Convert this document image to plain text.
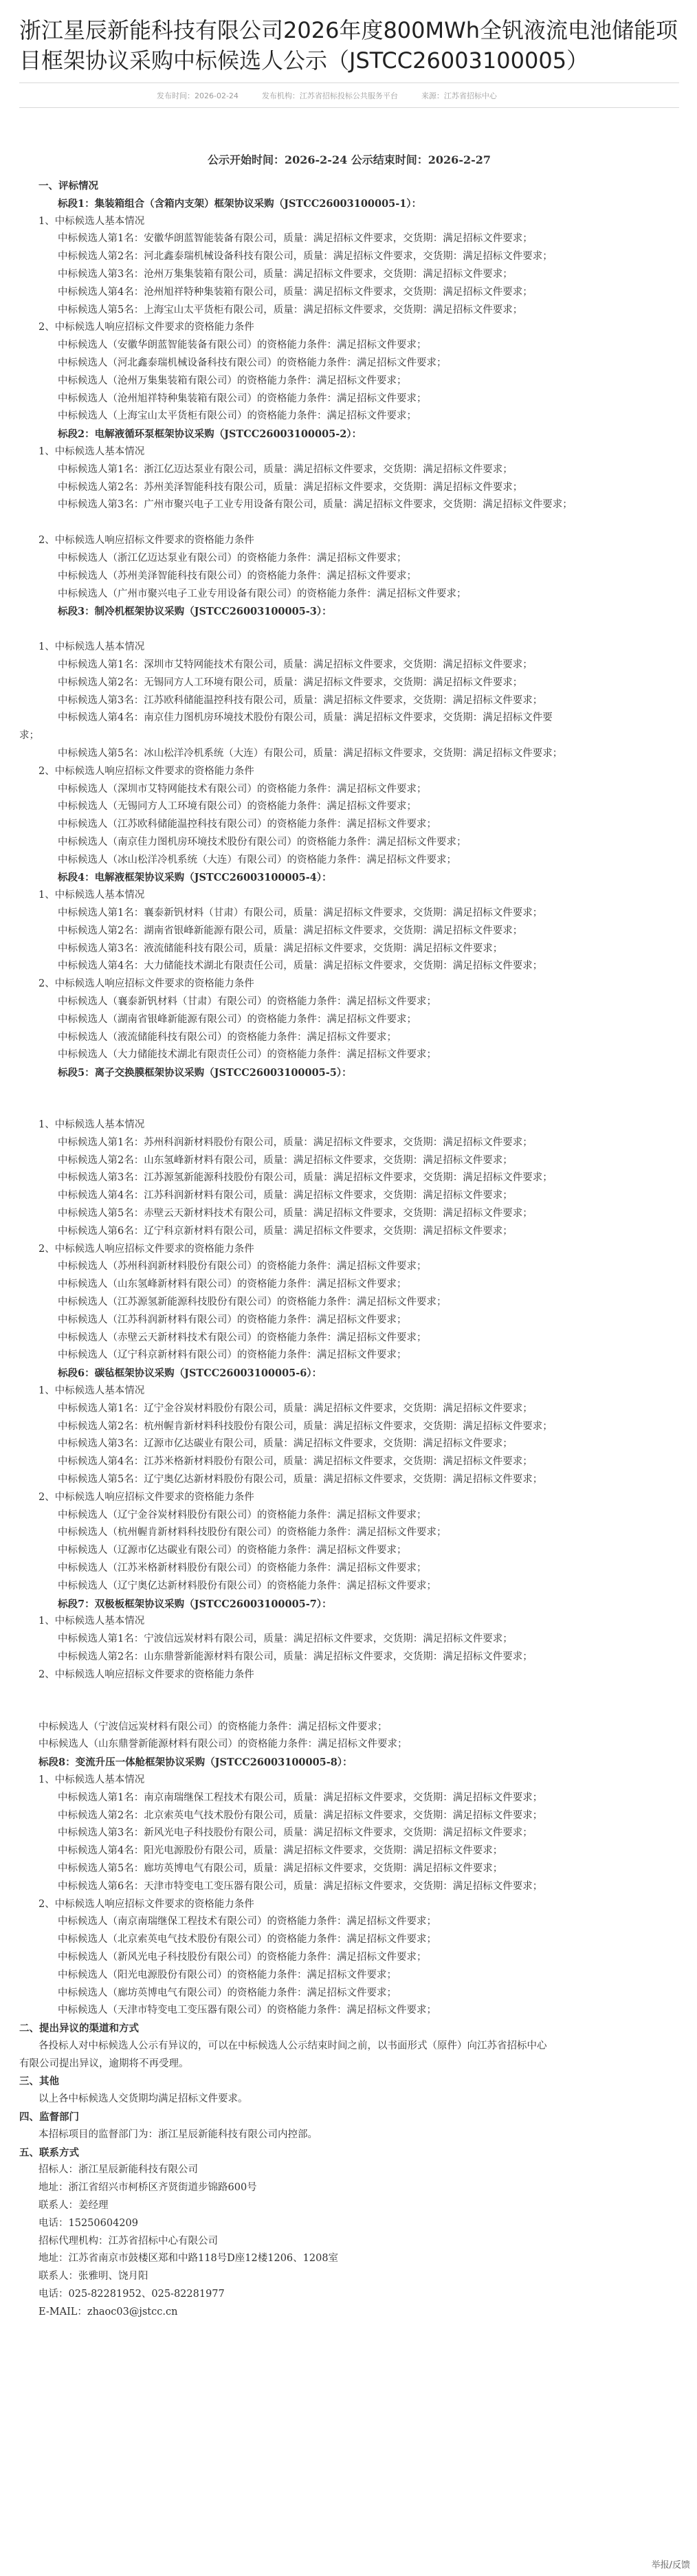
浙江星辰新能科技有限公司2026年度800MWh全钒液流电池储能项目框架协议采购中标候选人公示（JSTCC26003100005）
发布时间：2026-02-24	发布机构：江苏省招标投标公共服务平台	来源：江苏省招标中心

公示开始时间：2026-2-24 公示结束时间：2026-2-27

一、评标情况

标段1：集装箱组合（含箱内支架）框架协议采购（JSTCC26003100005-1）：

1、中标候选人基本情况

中标候选人第1名：安徽华朗蓝智能装备有限公司，质量：满足招标文件要求，交货期：满足招标文件要求；

中标候选人第2名：河北鑫泰瑞机械设备科技有限公司，质量：满足招标文件要求，交货期：满足招标文件要求；

中标候选人第3名：沧州万集集装箱有限公司，质量：满足招标文件要求，交货期：满足招标文件要求；

中标候选人第4名：沧州旭祥特种集装箱有限公司，质量：满足招标文件要求，交货期：满足招标文件要求；

中标候选人第5名：上海宝山太平货柜有限公司，质量：满足招标文件要求，交货期：满足招标文件要求；

2、中标候选人响应招标文件要求的资格能力条件

中标候选人（安徽华朗蓝智能装备有限公司）的资格能力条件：满足招标文件要求；

中标候选人（河北鑫泰瑞机械设备科技有限公司）的资格能力条件：满足招标文件要求；

中标候选人（沧州万集集装箱有限公司）的资格能力条件：满足招标文件要求；

中标候选人（沧州旭祥特种集装箱有限公司）的资格能力条件：满足招标文件要求；

中标候选人（上海宝山太平货柜有限公司）的资格能力条件：满足招标文件要求；

标段2：电解液循环泵框架协议采购（JSTCC26003100005-2）：

1、中标候选人基本情况

中标候选人第1名：浙江亿迈达泵业有限公司，质量：满足招标文件要求，交货期：满足招标文件要求；

中标候选人第2名：苏州美泽智能科技有限公司，质量：满足招标文件要求，交货期：满足招标文件要求；

中标候选人第3名：广州市聚兴电子工业专用设备有限公司，质量：满足招标文件要求，交货期：满足招标文件要求；

2、中标候选人响应招标文件要求的资格能力条件

中标候选人（浙江亿迈达泵业有限公司）的资格能力条件：满足招标文件要求；

中标候选人（苏州美泽智能科技有限公司）的资格能力条件：满足招标文件要求；

中标候选人（广州市聚兴电子工业专用设备有限公司）的资格能力条件：满足招标文件要求；

标段3：制冷机框架协议采购（JSTCC26003100005-3）：

1、中标候选人基本情况

中标候选人第1名：深圳市艾特网能技术有限公司，质量：满足招标文件要求，交货期：满足招标文件要求；

中标候选人第2名：无锡同方人工环境有限公司，质量：满足招标文件要求，交货期：满足招标文件要求；

中标候选人第3名：江苏欧科储能温控科技有限公司，质量：满足招标文件要求，交货期：满足招标文件要求；

中标候选人第4名：南京佳力图机房环境技术股份有限公司，质量：满足招标文件要求，交货期：满足招标文件要

求；

中标候选人第5名：冰山松洋冷机系统（大连）有限公司，质量：满足招标文件要求，交货期：满足招标文件要求；

2、中标候选人响应招标文件要求的资格能力条件

中标候选人（深圳市艾特网能技术有限公司）的资格能力条件：满足招标文件要求；

中标候选人（无锡同方人工环境有限公司）的资格能力条件：满足招标文件要求；

中标候选人（江苏欧科储能温控科技有限公司）的资格能力条件：满足招标文件要求；

中标候选人（南京佳力图机房环境技术股份有限公司）的资格能力条件：满足招标文件要求；

中标候选人（冰山松洋冷机系统（大连）有限公司）的资格能力条件：满足招标文件要求；

标段4：电解液框架协议采购（JSTCC26003100005-4）：

1、中标候选人基本情况

中标候选人第1名：襄泰新钒材料（甘肃）有限公司，质量：满足招标文件要求，交货期：满足招标文件要求；

中标候选人第2名：湖南省银峰新能源有限公司，质量：满足招标文件要求，交货期：满足招标文件要求；

中标候选人第3名：液流储能科技有限公司，质量：满足招标文件要求，交货期：满足招标文件要求；

中标候选人第4名：大力储能技术湖北有限责任公司，质量：满足招标文件要求，交货期：满足招标文件要求；

2、中标候选人响应招标文件要求的资格能力条件

中标候选人（襄泰新钒材料（甘肃）有限公司）的资格能力条件：满足招标文件要求；

中标候选人（湖南省银峰新能源有限公司）的资格能力条件：满足招标文件要求；

中标候选人（液流储能科技有限公司）的资格能力条件：满足招标文件要求；

中标候选人（大力储能技术湖北有限责任公司）的资格能力条件：满足招标文件要求；

标段5：离子交换膜框架协议采购（JSTCC26003100005-5）：

1、中标候选人基本情况

中标候选人第1名：苏州科润新材料股份有限公司，质量：满足招标文件要求，交货期：满足招标文件要求；

中标候选人第2名：山东氢峰新材料有限公司，质量：满足招标文件要求，交货期：满足招标文件要求；

中标候选人第3名：江苏源氢新能源科技股份有限公司，质量：满足招标文件要求，交货期：满足招标文件要求；

中标候选人第4名：江苏科润新材料有限公司，质量：满足招标文件要求，交货期：满足招标文件要求；

中标候选人第5名：赤壁云天新材料技术有限公司，质量：满足招标文件要求，交货期：满足招标文件要求；

中标候选人第6名：辽宁科京新材料有限公司，质量：满足招标文件要求，交货期：满足招标文件要求；

2、中标候选人响应招标文件要求的资格能力条件

中标候选人（苏州科润新材料股份有限公司）的资格能力条件：满足招标文件要求；

中标候选人（山东氢峰新材料有限公司）的资格能力条件：满足招标文件要求；

中标候选人（江苏源氢新能源科技股份有限公司）的资格能力条件：满足招标文件要求；

中标候选人（江苏科润新材料有限公司）的资格能力条件：满足招标文件要求；

中标候选人（赤壁云天新材料技术有限公司）的资格能力条件：满足招标文件要求；

中标候选人（辽宁科京新材料有限公司）的资格能力条件：满足招标文件要求；

标段6：碳毡框架协议采购（JSTCC26003100005-6）：

1、中标候选人基本情况

中标候选人第1名：辽宁金谷炭材料股份有限公司，质量：满足招标文件要求，交货期：满足招标文件要求；

中标候选人第2名：杭州幄肯新材料科技股份有限公司，质量：满足招标文件要求，交货期：满足招标文件要求；

中标候选人第3名：辽源市亿达碳业有限公司，质量：满足招标文件要求，交货期：满足招标文件要求；

中标候选人第4名：江苏米格新材料股份有限公司，质量：满足招标文件要求，交货期：满足招标文件要求；

中标候选人第5名：辽宁奥亿达新材料股份有限公司，质量：满足招标文件要求，交货期：满足招标文件要求；

2、中标候选人响应招标文件要求的资格能力条件

中标候选人（辽宁金谷炭材料股份有限公司）的资格能力条件：满足招标文件要求；

中标候选人（杭州幄肯新材料科技股份有限公司）的资格能力条件：满足招标文件要求；

中标候选人（辽源市亿达碳业有限公司）的资格能力条件：满足招标文件要求；

中标候选人（江苏米格新材料股份有限公司）的资格能力条件：满足招标文件要求；

中标候选人（辽宁奥亿达新材料股份有限公司）的资格能力条件：满足招标文件要求；

标段7：双极板框架协议采购（JSTCC26003100005-7）：

1、中标候选人基本情况

中标候选人第1名：宁波信远炭材料有限公司，质量：满足招标文件要求，交货期：满足招标文件要求；

中标候选人第2名：山东鼎誉新能源材料有限公司，质量：满足招标文件要求，交货期：满足招标文件要求；

2、中标候选人响应招标文件要求的资格能力条件

中标候选人（宁波信远炭材料有限公司）的资格能力条件：满足招标文件要求；

中标候选人（山东鼎誉新能源材料有限公司）的资格能力条件：满足招标文件要求；

标段8：变流升压一体舱框架协议采购（JSTCC26003100005-8）：

1、中标候选人基本情况

中标候选人第1名：南京南瑞继保工程技术有限公司，质量：满足招标文件要求，交货期：满足招标文件要求；

中标候选人第2名：北京索英电气技术股份有限公司，质量：满足招标文件要求，交货期：满足招标文件要求；

中标候选人第3名：新风光电子科技股份有限公司，质量：满足招标文件要求，交货期：满足招标文件要求；

中标候选人第4名：阳光电源股份有限公司，质量：满足招标文件要求，交货期：满足招标文件要求；

中标候选人第5名：廊坊英博电气有限公司，质量：满足招标文件要求，交货期：满足招标文件要求；

中标候选人第6名：天津市特变电工变压器有限公司，质量：满足招标文件要求，交货期：满足招标文件要求；

2、中标候选人响应招标文件要求的资格能力条件

中标候选人（南京南瑞继保工程技术有限公司）的资格能力条件：满足招标文件要求；

中标候选人（北京索英电气技术股份有限公司）的资格能力条件：满足招标文件要求；

中标候选人（新风光电子科技股份有限公司）的资格能力条件：满足招标文件要求；

中标候选人（阳光电源股份有限公司）的资格能力条件：满足招标文件要求；

中标候选人（廊坊英博电气有限公司）的资格能力条件：满足招标文件要求；

中标候选人（天津市特变电工变压器有限公司）的资格能力条件：满足招标文件要求；

二、提出异议的渠道和方式

各投标人对中标候选人公示有异议的，可以在中标候选人公示结束时间之前，以书面形式（原件）向江苏省招标中心

有限公司提出异议，逾期将不再受理。

三、其他

以上各中标候选人交货期均满足招标文件要求。

四、监督部门

本招标项目的监督部门为：浙江星辰新能科技有限公司内控部。

五、联系方式

招标人：浙江星辰新能科技有限公司

地址：浙江省绍兴市柯桥区齐贤街道步锦路600号

联系人：姜经理

电话：15250604209

招标代理机构：江苏省招标中心有限公司

地址：江苏省南京市鼓楼区郑和中路118号D座12楼1206、1208室

联系人：张雅明、饶月阳

电话：025-82281952、025-82281977

E-MAIL：zhaoc03@jstcc.cn

举报/反馈
